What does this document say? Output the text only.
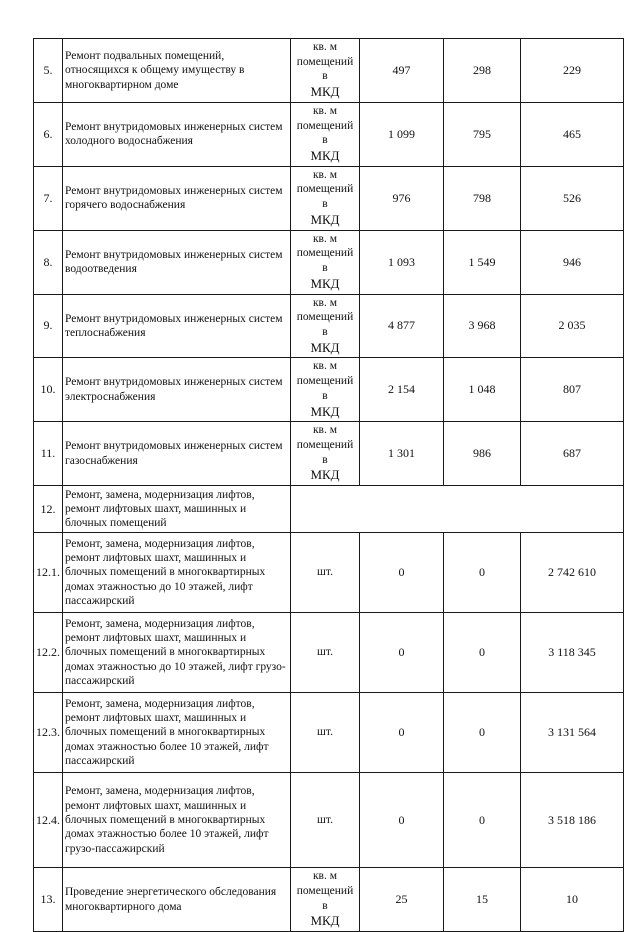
5.	Ремонт подвальных помещений, относящихся к общему имуществу в многоквартирном доме	кв. м
помещений в
МКД	497	298	229
6.	Ремонт внутридомовых инженерных систем холодного водоснабжения	кв. м
помещений в
МКД	1 099	795	465
7.	Ремонт внутридомовых инженерных систем горячего водоснабжения	кв. м
помещений в
МКД	976	798	526
8.	Ремонт внутридомовых инженерных систем водоотведения	кв. м
помещений в
МКД	1 093	1 549	946
9.	Ремонт внутридомовых инженерных систем теплоснабжения	кв. м
помещений в
МКД	4 877	3 968	2 035
10.	Ремонт внутридомовых инженерных систем электроснабжения	кв. м
помещений в
МКД	2 154	1 048	807
11.	Ремонт внутридомовых инженерных систем газоснабжения	кв. м
помещений в
МКД	1 301	986	687
12.	Ремонт, замена, модернизация лифтов, ремонт лифтовых шахт, машинных и блочных помещений				
12.1.	Ремонт, замена, модернизация лифтов, ремонт лифтовых шахт, машинных и блочных помещений в многоквартирных домах этажностью до 10 этажей, лифт пассажирский	шт.	0	0	2 742 610
12.2.	Ремонт, замена, модернизация лифтов, ремонт лифтовых шахт, машинных и блочных помещений в многоквартирных домах этажностью до 10 этажей, лифт грузо-пассажирский	шт.	0	0	3 118 345
12.3.	Ремонт, замена, модернизация лифтов, ремонт лифтовых шахт, машинных и блочных помещений в многоквартирных домах этажностью более 10 этажей, лифт пассажирский	шт.	0	0	3 131 564
12.4.	Ремонт, замена, модернизация лифтов, ремонт лифтовых шахт, машинных и блочных помещений в многоквартирных домах этажностью более 10 этажей, лифт грузо-пассажирский	шт.	0	0	3 518 186
13.	Проведение энергетического обследования многоквартирного дома	кв. м
помещений в
МКД	25	15	10
